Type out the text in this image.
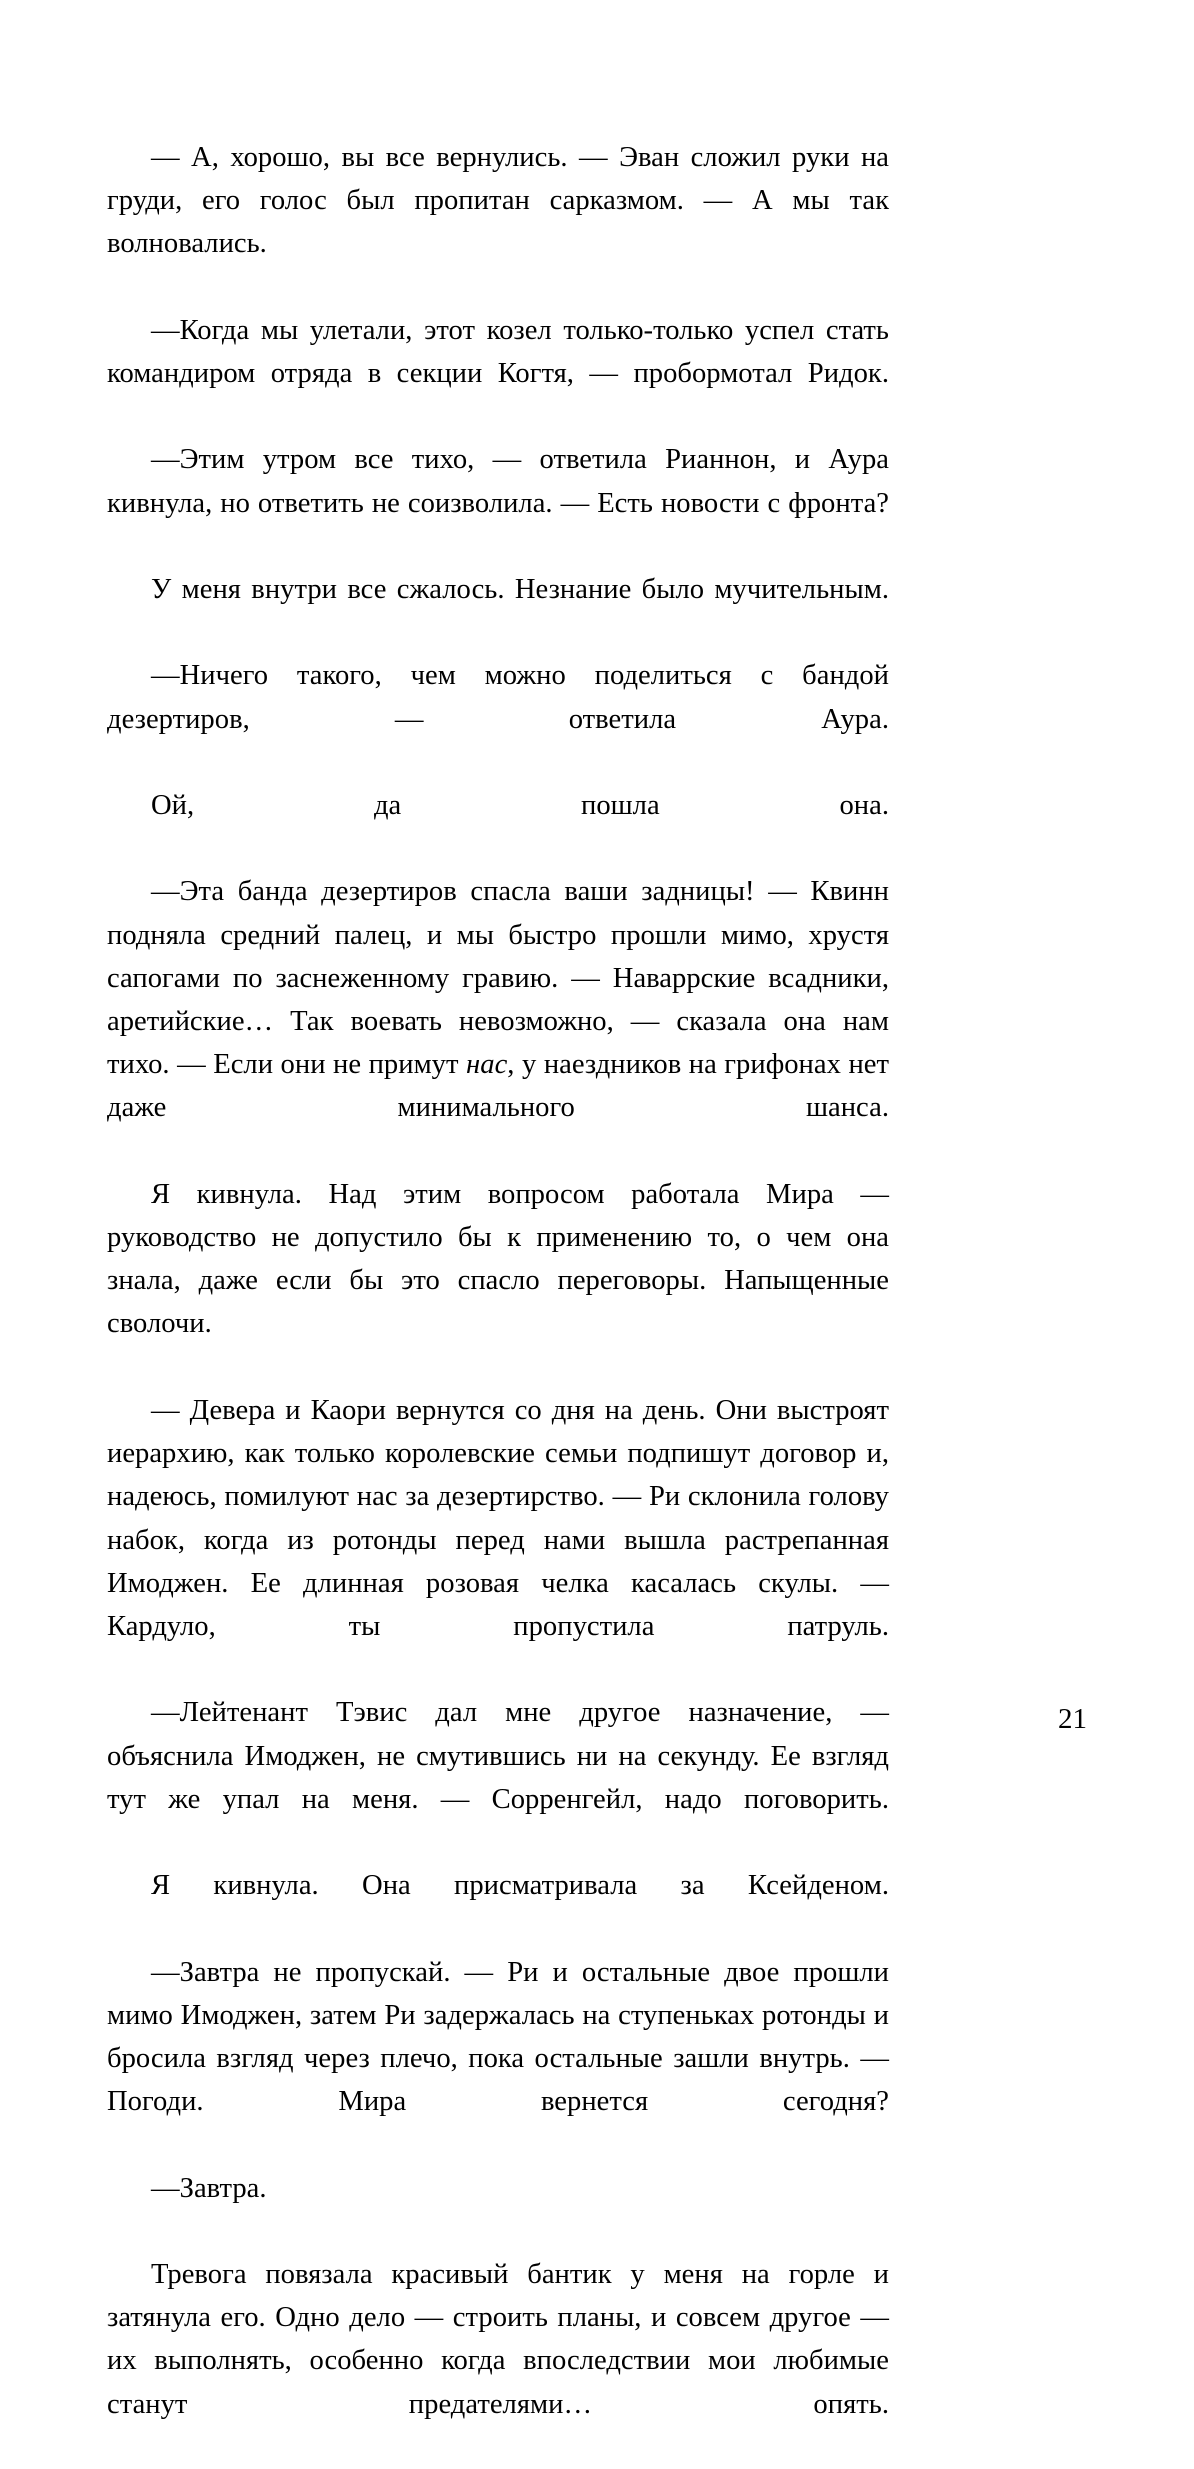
— А, хорошо, вы все вернулись. — Эван сложил руки на груди, его голос был пропитан сарказмом. — А мы так волновались.

—Когда мы улетали, этот козел только-только успел стать командиром отряда в секции Когтя, — пробормотал Ридок.

—Этим утром все тихо, — ответила Рианнон, и Аура кивнула, но ответить не соизволила. — Есть новости с фронта?

У меня внутри все сжалось. Незнание было мучительным.

—Ничего такого, чем можно поделиться с бандой дезертиров, — ответила Аура.

Ой, да пошла она.

—Эта банда дезертиров спасла ваши задницы! — Квинн подняла средний палец, и мы быстро прошли мимо, хрустя сапогами по заснеженному гравию. — Наваррские всадники, аретийские… Так воевать невозможно, — сказала она нам тихо. — Если они не примут нас, у наездников на грифонах нет даже минимального шанса.

Я кивнула. Над этим вопросом работала Мира — руководство не допустило бы к применению то, о чем она знала, даже если бы это спасло переговоры. Напыщенные сволочи.

— Девера и Каори вернутся со дня на день. Они выстроят иерархию, как только королевские семьи подпишут договор и, надеюсь, помилуют нас за дезертирство. — Ри склонила голову набок, когда из ротонды перед нами вышла растрепанная Имоджен. Ее длинная розовая челка касалась скулы. — Кардуло, ты пропустила патруль.

—Лейтенант Тэвис дал мне другое назначение, — объяснила Имоджен, не смутившись ни на секунду. Ее взгляд тут же упал на меня. — Сорренгейл, надо поговорить.

Я кивнула. Она присматривала за Ксейденом.

—Завтра не пропускай. — Ри и остальные двое прошли мимо Имоджен, затем Ри задержалась на ступеньках ротонды и бросила взгляд через плечо, пока остальные зашли внутрь. — Погоди. Мира вернется сегодня?

—Завтра.

Тревога повязала красивый бантик у меня на горле и затянула его. Одно дело — строить планы, и совсем другое — их выполнять, особенно когда впоследствии мои любимые станут предателями… опять.

21
